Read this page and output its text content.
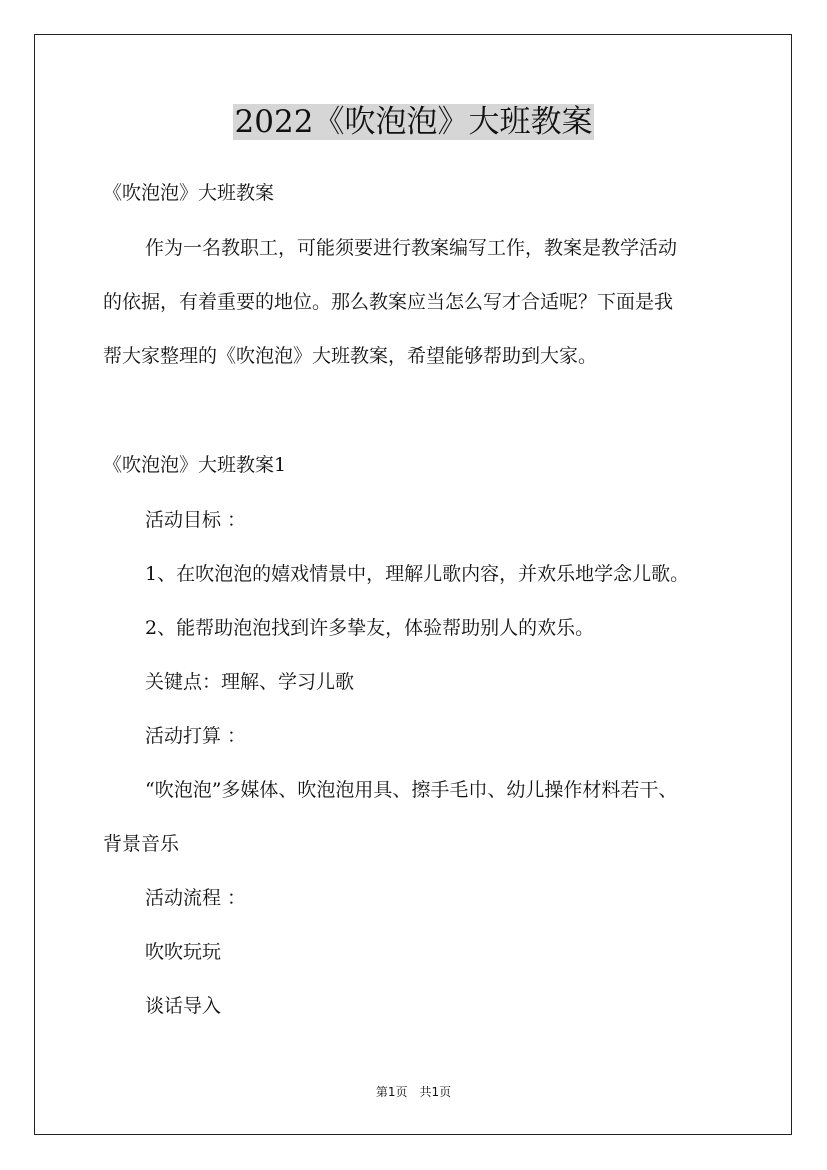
2022《吹泡泡》大班教案
《吹泡泡》大班教案
作为一名教职工，可能须要进行教案编写工作，教案是教学活动
的依据，有着重要的地位。那么教案应当怎么写才合适呢？下面是我
帮大家整理的《吹泡泡》大班教案，希望能够帮助到大家。
《吹泡泡》大班教案1
活动目标 ：
1、在吹泡泡的嬉戏情景中，理解儿歌内容，并欢乐地学念儿歌。
2、能帮助泡泡找到许多挚友，体验帮助别人的欢乐。
关键点：理解、学习儿歌
活动打算 ：
“吹泡泡”多媒体、吹泡泡用具、擦手毛巾、幼儿操作材料若干、
背景音乐
活动流程 ：
吹吹玩玩
谈话导入
第1页　共1页
